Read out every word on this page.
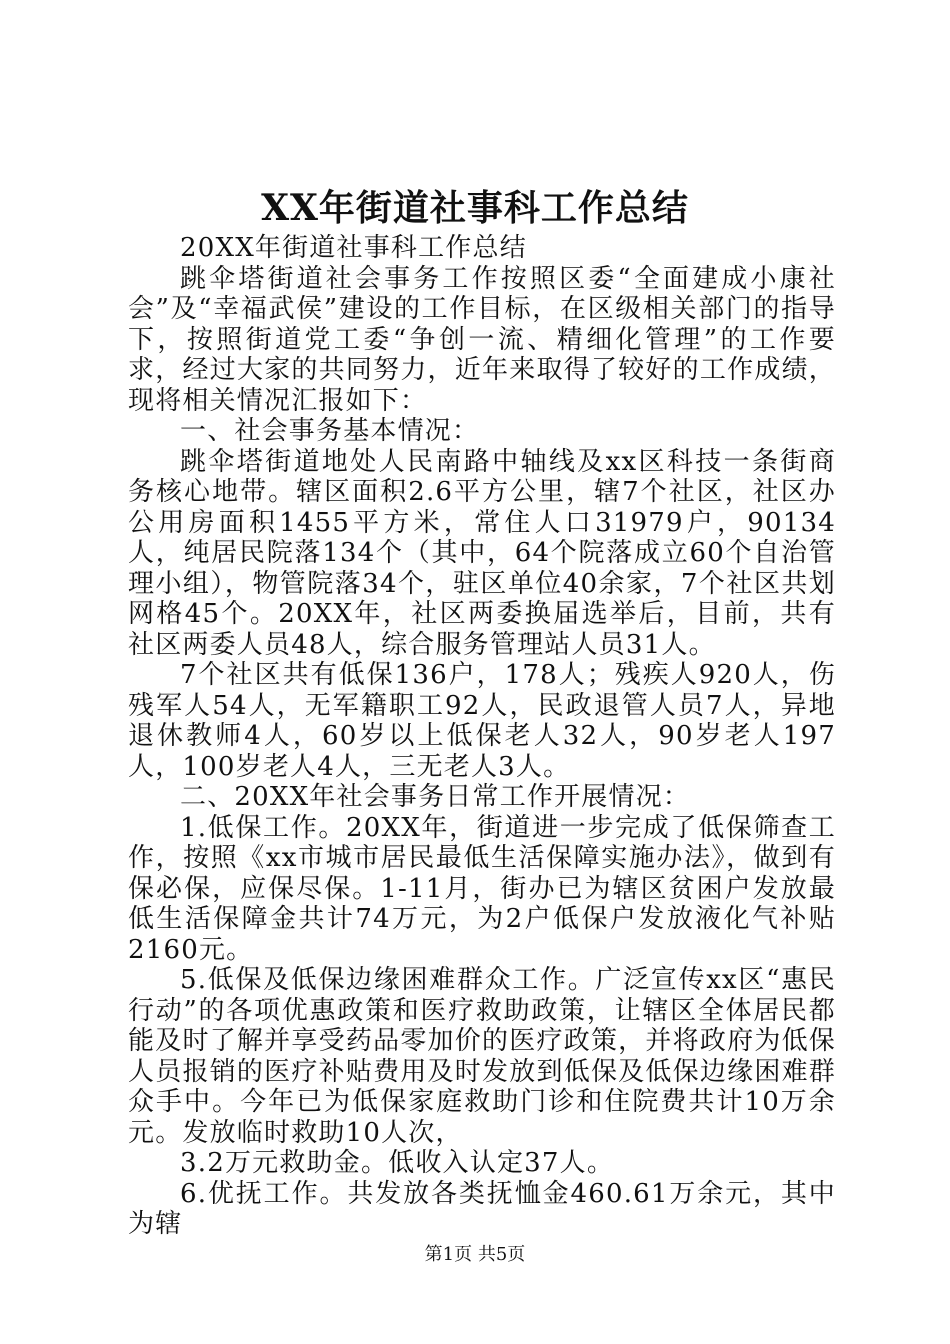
XX年街道社事科工作总结

20XX年街道社事科工作总结

跳伞塔街道社会事务工作按照区委“全面建成小康社会”及“幸福武侯”建设的工作目标，在区级相关部门的指导下，按照街道党工委“争创一流、精细化管理”的工作要求，经过大家的共同努力，近年来取得了较好的工作成绩，现将相关情况汇报如下：

一、社会事务基本情况：

跳伞塔街道地处人民南路中轴线及xx区科技一条街商务核心地带。辖区面积2.6平方公里，辖7个社区，社区办公用房面积1455平方米，常住人口31979户，90134人，纯居民院落134个（其中，64个院落成立60个自治管理小组），物管院落34个，驻区单位40余家，7个社区共划网格45个。20XX年，社区两委换届选举后，目前，共有社区两委人员48人，综合服务管理站人员31人。

7个社区共有低保136户，178人；残疾人920人，伤残军人54人，无军籍职工92人，民政退管人员7人，异地退休教师4人，60岁以上低保老人32人，90岁老人197人，100岁老人4人，三无老人3人。

二、20XX年社会事务日常工作开展情况：

1.低保工作。20XX年，街道进一步完成了低保筛查工作，按照《xx市城市居民最低生活保障实施办法》，做到有保必保，应保尽保。1-11月，街办已为辖区贫困户发放最低生活保障金共计74万元，为2户低保户发放液化气补贴2160元。

5.低保及低保边缘困难群众工作。广泛宣传xx区“惠民行动”的各项优惠政策和医疗救助政策，让辖区全体居民都能及时了解并享受药品零加价的医疗政策，并将政府为低保人员报销的医疗补贴费用及时发放到低保及低保边缘困难群众手中。今年已为低保家庭救助门诊和住院费共计10万余元。发放临时救助10人次，

3.2万元救助金。低收入认定37人。

6.优抚工作。共发放各类抚恤金460.61万余元，其中为辖

第1页 共5页
